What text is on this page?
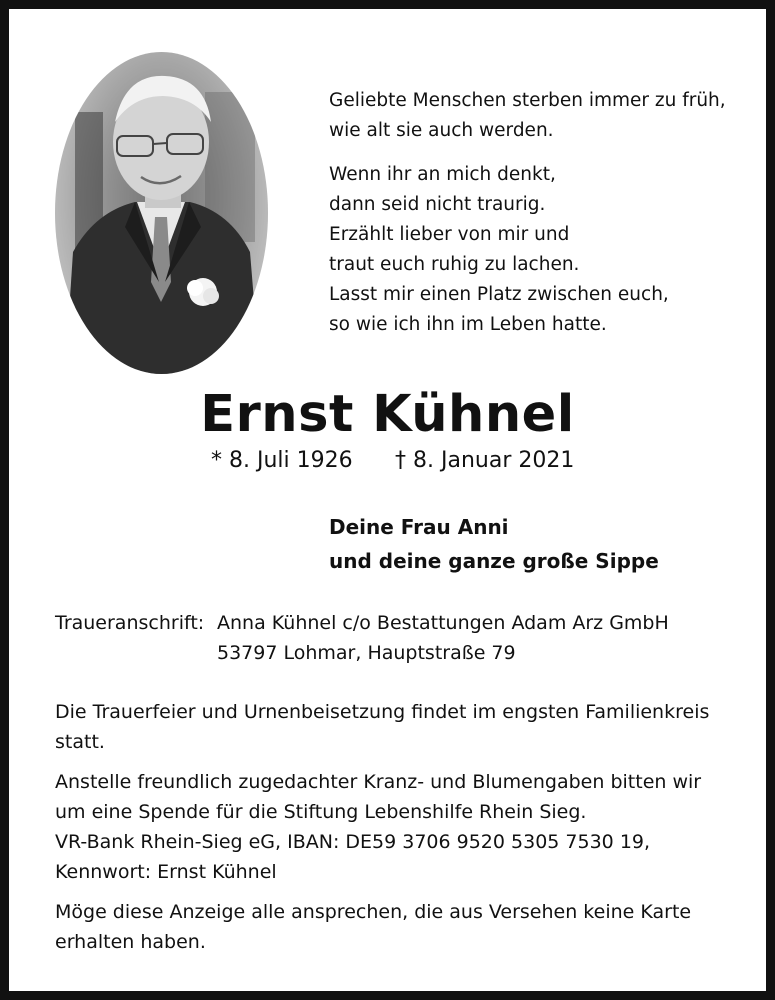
Geliebte Menschen sterben immer zu früh,
wie alt sie auch werden.

Wenn ihr an mich denkt,
dann seid nicht traurig.
Erzählt lieber von mir und
traut euch ruhig zu lachen.
Lasst mir einen Platz zwischen euch,
so wie ich ihn im Leben hatte.

Ernst Kühnel
* 8. Juli 1926 † 8. Januar 2021
Deine Frau Anni
und deine ganze große Sippe
Traueranschrift: Anna Kühnel c/o Bestattungen Adam Arz GmbH
53797 Lohmar, Hauptstraße 79

Die Trauerfeier und Urnenbeisetzung findet im engsten Familienkreis
statt.

Anstelle freundlich zugedachter Kranz- und Blumengaben bitten wir
um eine Spende für die Stiftung Lebenshilfe Rhein Sieg.
VR-Bank Rhein-Sieg eG, IBAN: DE59 3706 9520 5305 7530 19,
Kennwort: Ernst Kühnel

Möge diese Anzeige alle ansprechen, die aus Versehen keine Karte
erhalten haben.
